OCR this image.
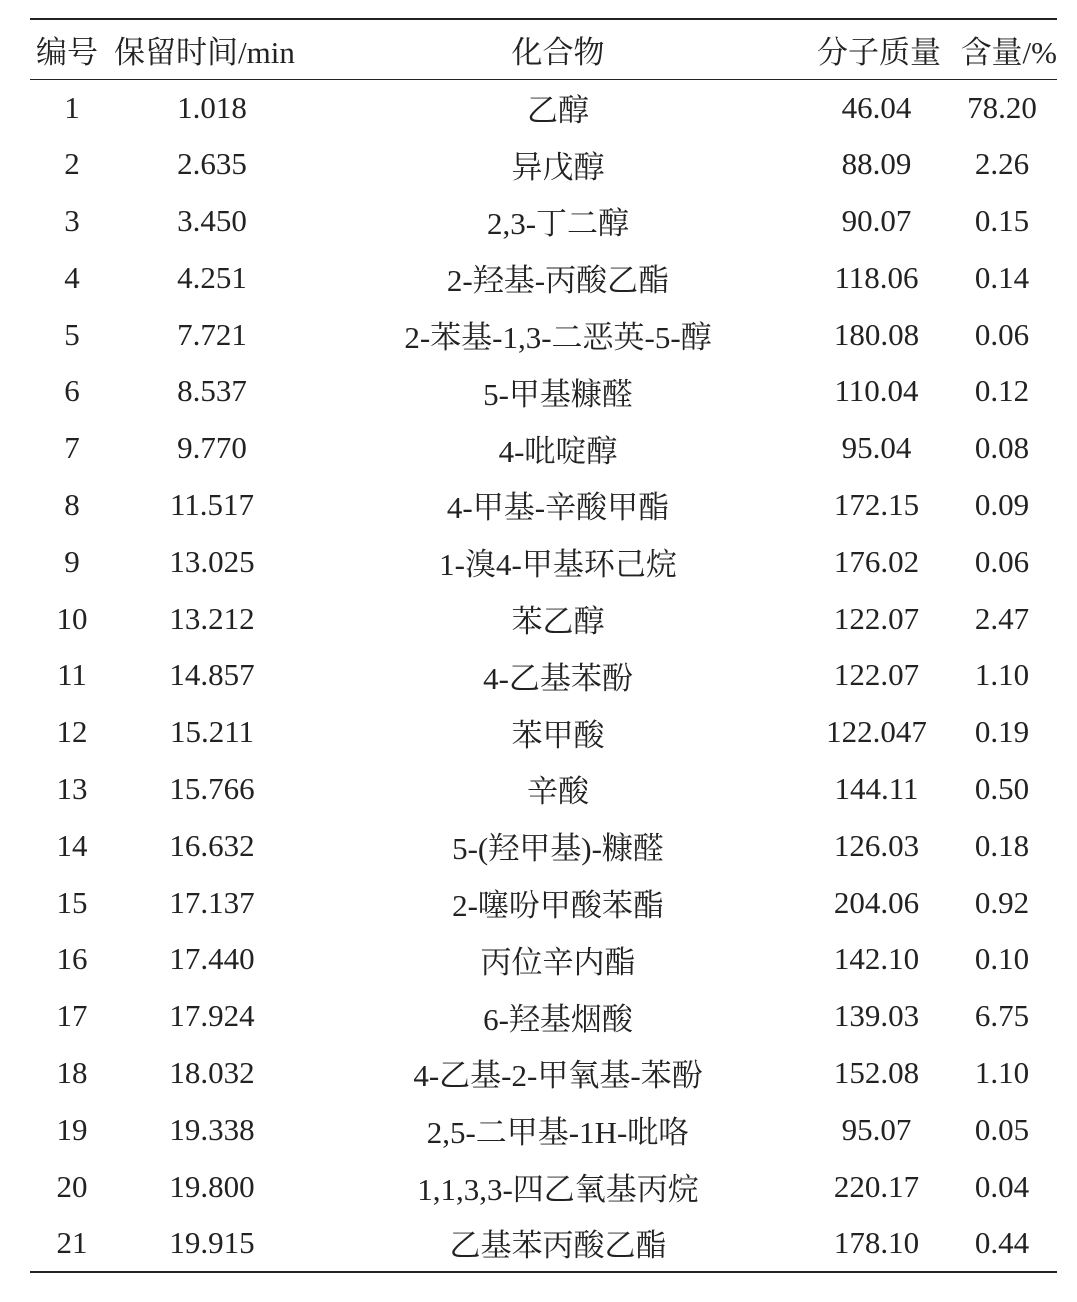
编号	保留时间/min	化合物	分子质量	含量/%
1	1.018	乙醇	46.04	78.20
2	2.635	异戊醇	88.09	2.26
3	3.450	2,3-丁二醇	90.07	0.15
4	4.251	2-羟基-丙酸乙酯	118.06	0.14
5	7.721	2-苯基-1,3-二恶英-5-醇	180.08	0.06
6	8.537	5-甲基糠醛	110.04	0.12
7	9.770	4-吡啶醇	95.04	0.08
8	11.517	4-甲基-辛酸甲酯	172.15	0.09
9	13.025	1-溴4-甲基环己烷	176.02	0.06
10	13.212	苯乙醇	122.07	2.47
11	14.857	4-乙基苯酚	122.07	1.10
12	15.211	苯甲酸	122.047	0.19
13	15.766	辛酸	144.11	0.50
14	16.632	5-(羟甲基)-糠醛	126.03	0.18
15	17.137	2-噻吩甲酸苯酯	204.06	0.92
16	17.440	丙位辛内酯	142.10	0.10
17	17.924	6-羟基烟酸	139.03	6.75
18	18.032	4-乙基-2-甲氧基-苯酚	152.08	1.10
19	19.338	2,5-二甲基-1H-吡咯	95.07	0.05
20	19.800	1,1,3,3-四乙氧基丙烷	220.17	0.04
21	19.915	乙基苯丙酸乙酯	178.10	0.44
